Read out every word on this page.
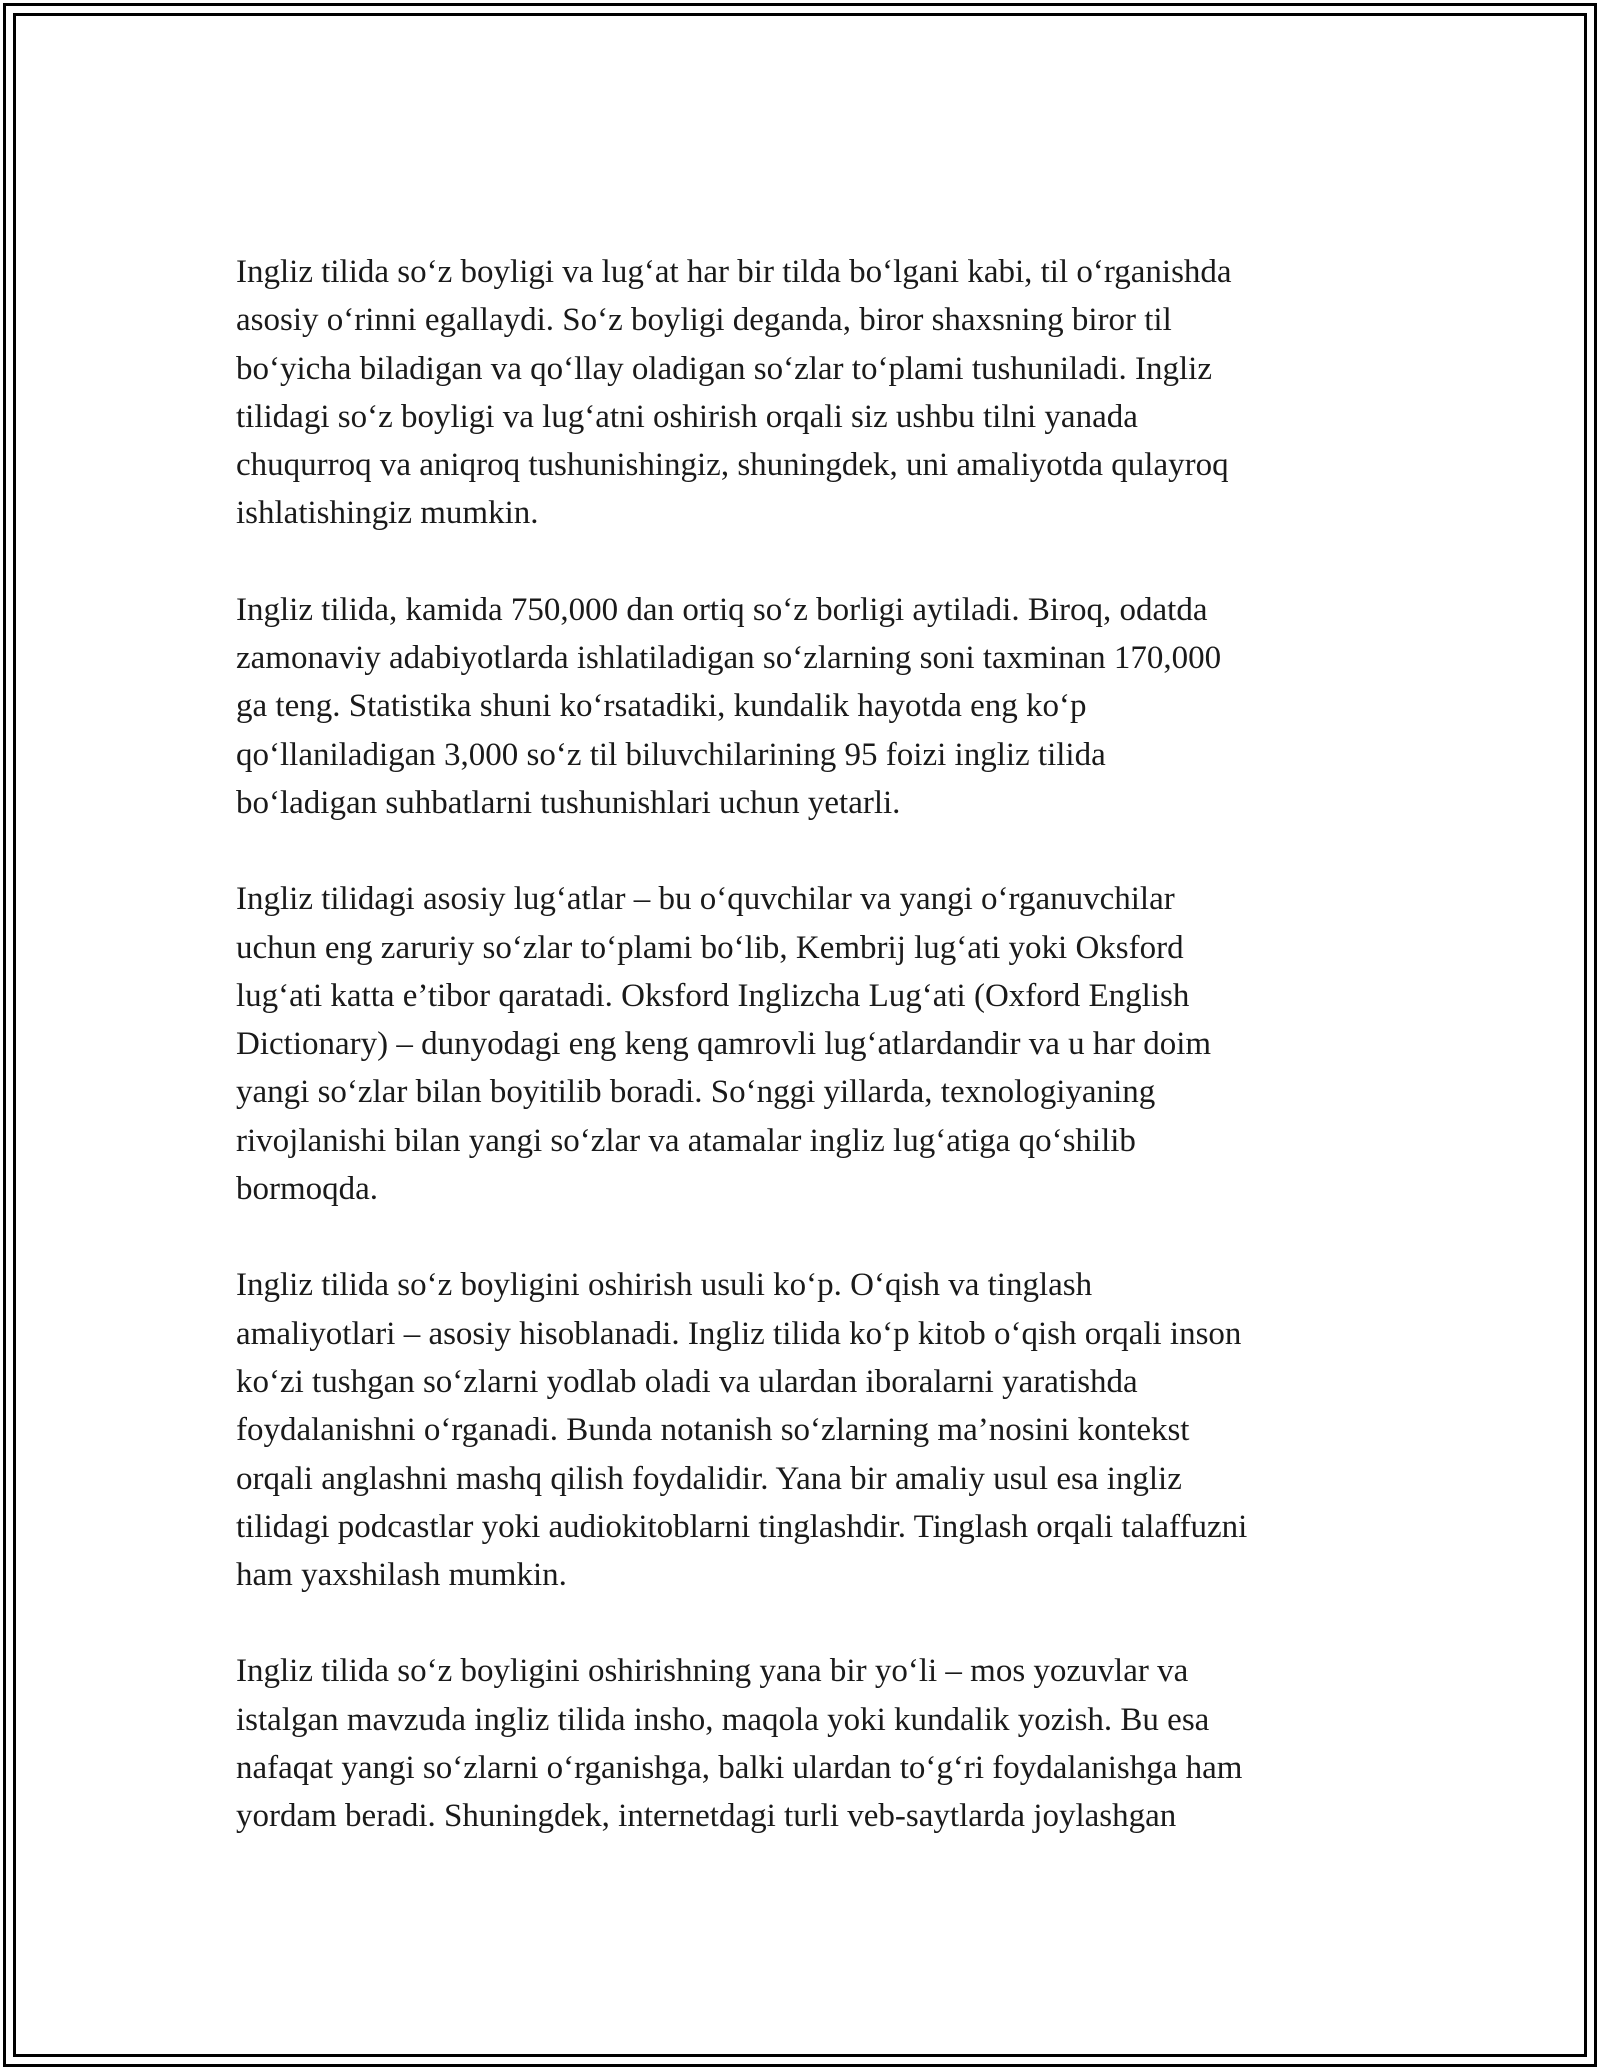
Ingliz tilida so‘z boyligi va lug‘at har bir tilda bo‘lgani kabi, til o‘rganishda
asosiy o‘rinni egallaydi. So‘z boyligi deganda, biror shaxsning biror til
bo‘yicha biladigan va qo‘llay oladigan so‘zlar to‘plami tushuniladi. Ingliz
tilidagi so‘z boyligi va lug‘atni oshirish orqali siz ushbu tilni yanada
chuqurroq va aniqroq tushunishingiz, shuningdek, uni amaliyotda qulayroq
ishlatishingiz mumkin.

Ingliz tilida, kamida 750,000 dan ortiq so‘z borligi aytiladi. Biroq, odatda
zamonaviy adabiyotlarda ishlatiladigan so‘zlarning soni taxminan 170,000
ga teng. Statistika shuni ko‘rsatadiki, kundalik hayotda eng ko‘p
qo‘llaniladigan 3,000 so‘z til biluvchilarining 95 foizi ingliz tilida
bo‘ladigan suhbatlarni tushunishlari uchun yetarli.

Ingliz tilidagi asosiy lug‘atlar – bu o‘quvchilar va yangi o‘rganuvchilar
uchun eng zaruriy so‘zlar to‘plami bo‘lib, Kembrij lug‘ati yoki Oksford
lug‘ati katta e’tibor qaratadi. Oksford Inglizcha Lug‘ati (Oxford English
Dictionary) – dunyodagi eng keng qamrovli lug‘atlardandir va u har doim
yangi so‘zlar bilan boyitilib boradi. So‘nggi yillarda, texnologiyaning
rivojlanishi bilan yangi so‘zlar va atamalar ingliz lug‘atiga qo‘shilib
bormoqda.

Ingliz tilida so‘z boyligini oshirish usuli ko‘p. O‘qish va tinglash
amaliyotlari – asosiy hisoblanadi. Ingliz tilida ko‘p kitob o‘qish orqali inson
ko‘zi tushgan so‘zlarni yodlab oladi va ulardan iboralarni yaratishda
foydalanishni o‘rganadi. Bunda notanish so‘zlarning ma’nosini kontekst
orqali anglashni mashq qilish foydalidir. Yana bir amaliy usul esa ingliz
tilidagi podcastlar yoki audiokitoblarni tinglashdir. Tinglash orqali talaffuzni
ham yaxshilash mumkin.

Ingliz tilida so‘z boyligini oshirishning yana bir yo‘li – mos yozuvlar va
istalgan mavzuda ingliz tilida insho, maqola yoki kundalik yozish. Bu esa
nafaqat yangi so‘zlarni o‘rganishga, balki ulardan to‘g‘ri foydalanishga ham
yordam beradi. Shuningdek, internetdagi turli veb-saytlarda joylashgan
